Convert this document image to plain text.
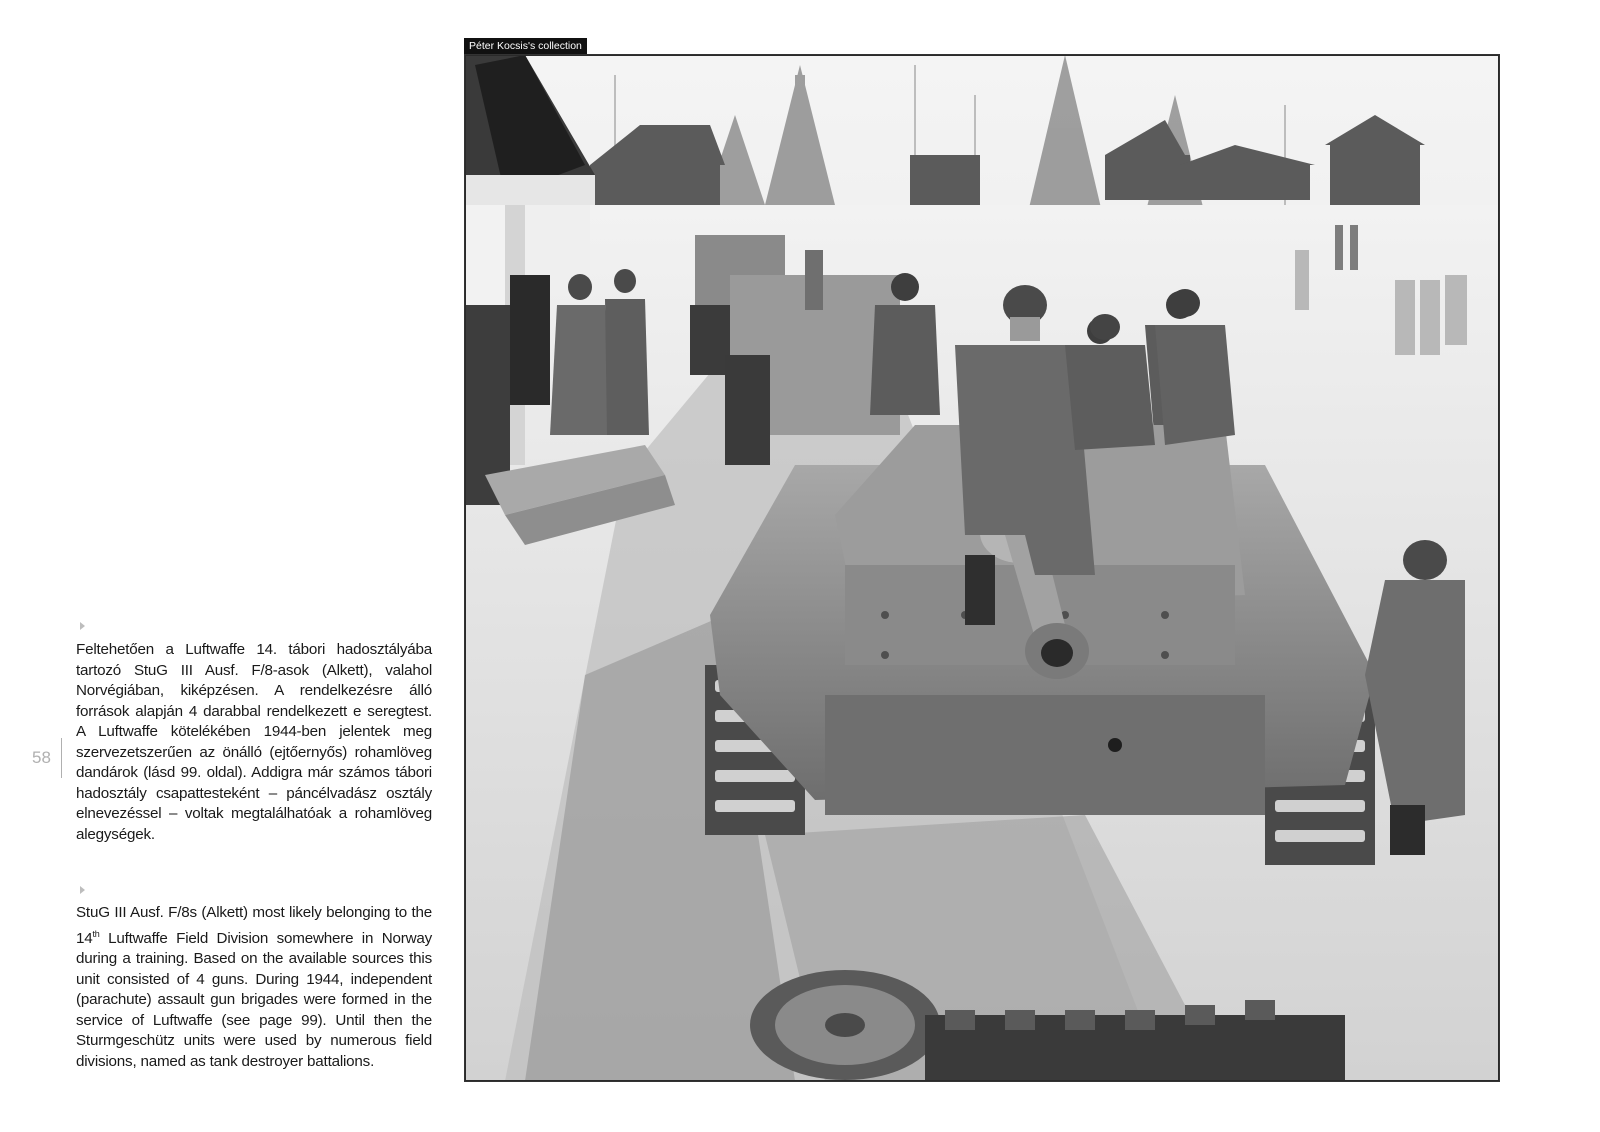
58

Feltehetően a Luftwaffe 14. tábori hadosztályába tartozó StuG III Ausf. F/8-asok (Alkett), valahol Norvégiában, kiképzésen. A rendelkezésre álló források alapján 4 darabbal rendelkezett e seregtest. A Luftwaffe kötelékében 1944-ben jelentek meg szervezetszerűen az önálló (ejtőernyős) rohamlöveg dandárok (lásd 99. oldal). Addigra már számos tábori hadosztály csapattesteként – páncélvadász osztály elnevezéssel – voltak megtalálhatóak a rohamlöveg alegységek.

StuG III Ausf. F/8s (Alkett) most likely belonging to the 14th Luftwaffe Field Division somewhere in Norway during a training. Based on the available sources this unit consisted of 4 guns. During 1944, independent (parachute) assault gun brigades were formed in the service of Luftwaffe (see page 99). Until then the Sturmgeschütz units were used by numerous field divisions, named as tank destroyer battalions.

Péter Kocsis's collection
